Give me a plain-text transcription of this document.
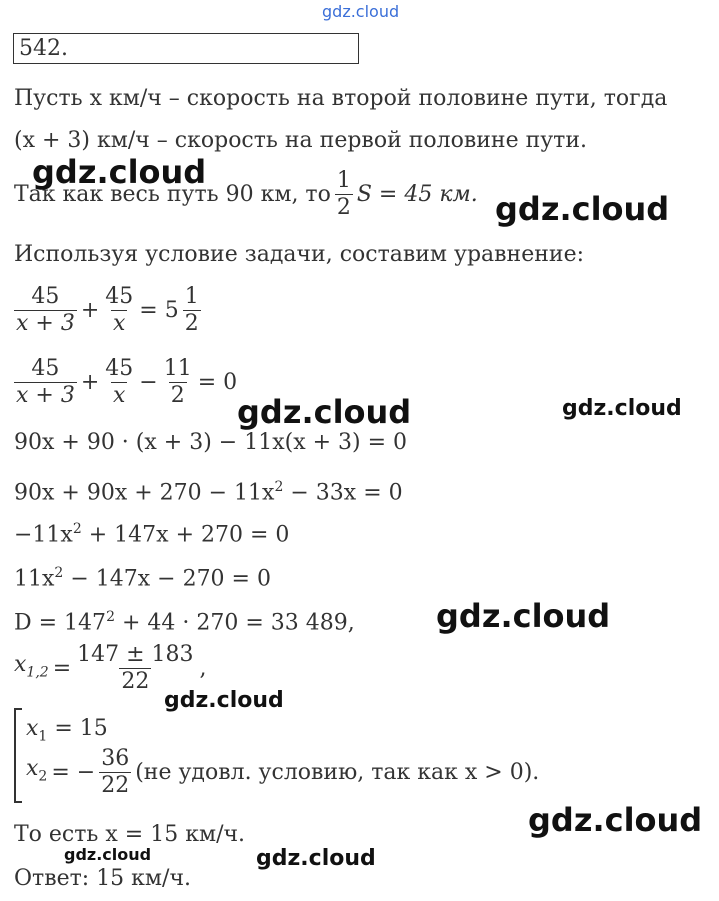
gdz.cloud
542.
Пусть x км/ч – скорость на второй половине пути, тогда
(x + 3) км/ч – скорость на первой половине пути.
Так как весь путь 90 км, то $\frac{1}{2}$ S = 45 км.
Используя условие задачи, составим уравнение:
$\frac{45}{x + 3} + \frac{45}{x} = 5 \frac{1}{2}$
$\frac{45}{x + 3} + \frac{45}{x} - \frac{11}{2} = 0$
90x + 90 · (x + 3) − 11x(x + 3) = 0
$90x + 90x + 270 - 11x^2 - 33x = 0$
$-11x^2 + 147x + 270 = 0$
$11x^2 - 147x - 270 = 0$
$D = 147^2 + 44 \cdot 270 = 33$ 489,
$x_{1,2} = \frac{147 \pm 183}{22}$ ,
$x_1 = 15$
$x_2$ = − $\frac{36}{22} (не$ удовл. условию, так как x > 0).
То есть x = 15 км/ч.
Ответ: 15 км/ч.
gdz.cloud
gdz.cloud
gdz.cloud	gdz.cloud
gdz.cloud
gdz.cloud
gdz.cloud
gdz.cloud	gdz.cloud
